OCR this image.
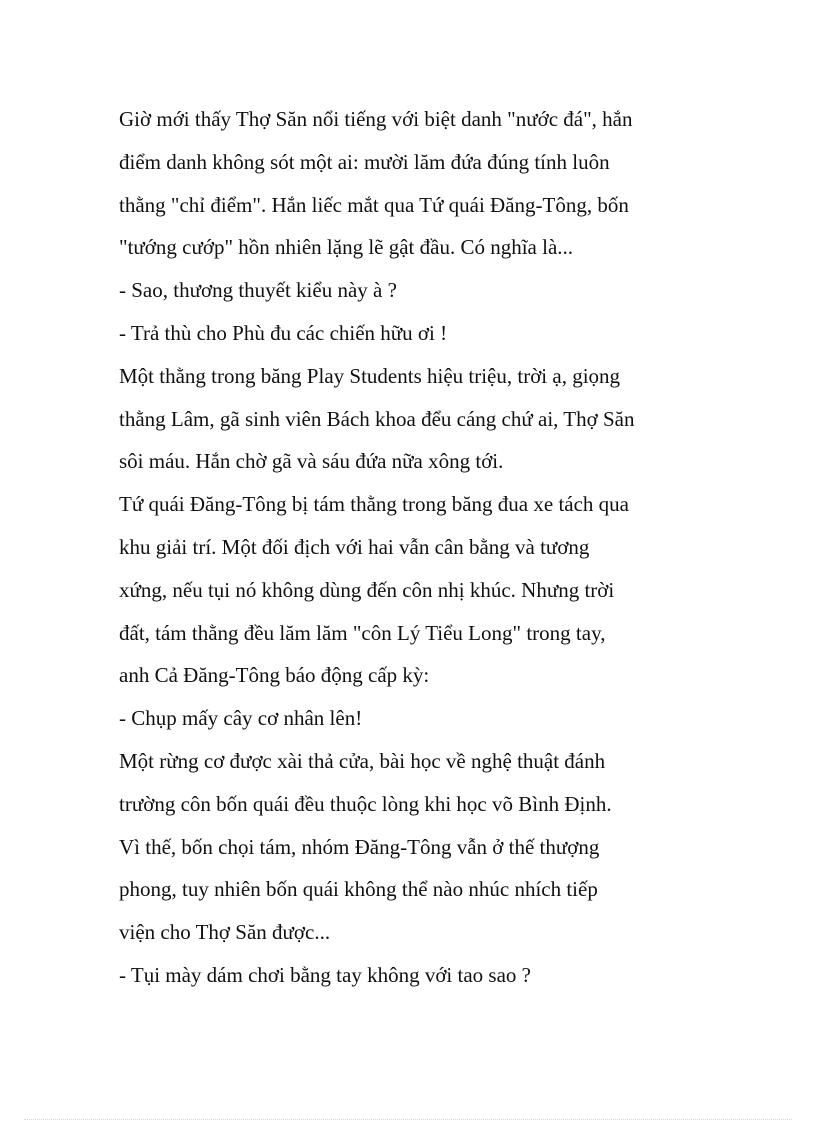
Giờ mới thấy Thợ Săn nổi tiếng với biệt danh "nước đá", hắn
điểm danh không sót một ai: mười lăm đứa đúng tính luôn
thằng "chỉ điểm". Hắn liếc mắt qua Tứ quái Đăng-Tông, bốn
"tướng cướp" hồn nhiên lặng lẽ gật đầu. Có nghĩa là...
- Sao, thương thuyết kiểu này à ?
- Trả thù cho Phù đu các chiến hữu ơi !
Một thằng trong băng Play Students hiệu triệu, trời ạ, giọng
thằng Lâm, gã sinh viên Bách khoa đểu cáng chứ ai, Thợ Săn
sôi máu. Hắn chờ gã và sáu đứa nữa xông tới.
Tứ quái Đăng-Tông bị tám thằng trong băng đua xe tách qua
khu giải trí. Một đối địch với hai vẫn cân bằng và tương
xứng, nếu tụi nó không dùng đến côn nhị khúc. Nhưng trời
đất, tám thằng đều lăm lăm "côn Lý Tiểu Long" trong tay,
anh Cả Đăng-Tông báo động cấp kỳ:
- Chụp mấy cây cơ nhân lên!
Một rừng cơ được xài thả cửa, bài học về nghệ thuật đánh
trường côn bốn quái đều thuộc lòng khi học võ Bình Định.
Vì thế, bốn chọi tám, nhóm Đăng-Tông vẫn ở thế thượng
phong, tuy nhiên bốn quái không thể nào nhúc nhích tiếp
viện cho Thợ Săn được...
- Tụi mày dám chơi bằng tay không với tao sao ?
